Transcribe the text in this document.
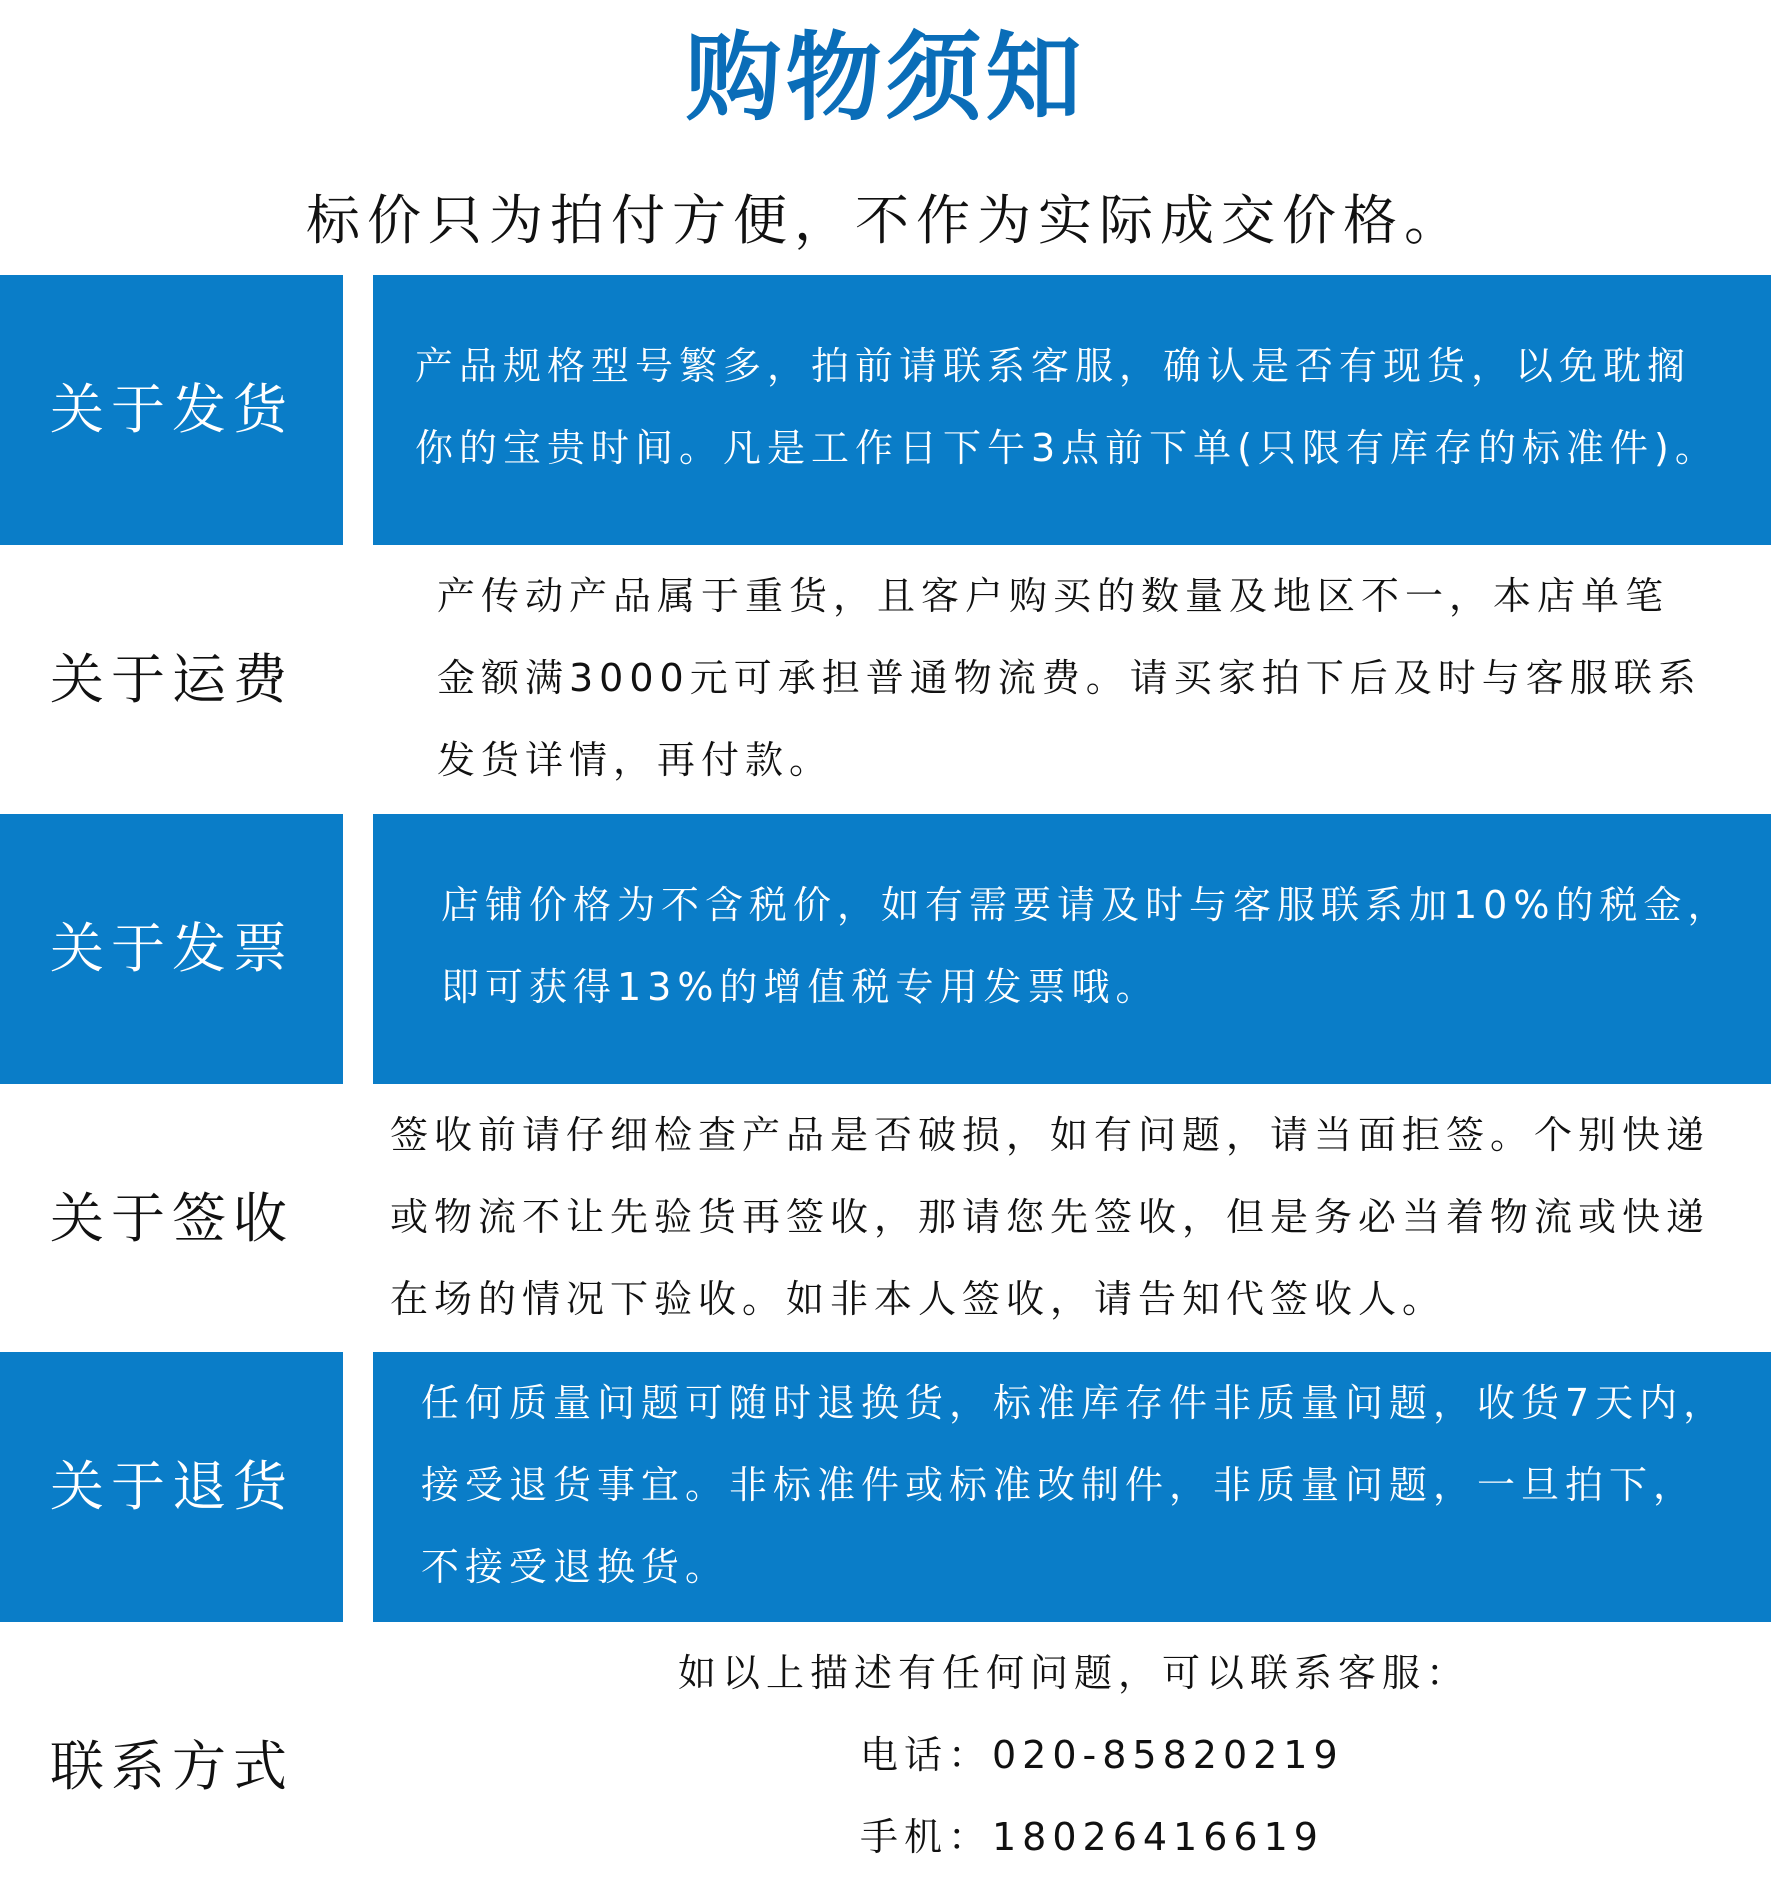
购物须知
标价只为拍付方便，不作为实际成交价格。
关于发货
产品规格型号繁多，拍前请联系客服，确认是否有现货，以免耽搁
你的宝贵时间。凡是工作日下午3点前下单(只限有库存的标准件)。
关于运费
产传动产品属于重货，且客户购买的数量及地区不一，本店单笔
金额满3000元可承担普通物流费。请买家拍下后及时与客服联系
发货详情，再付款。
关于发票
店铺价格为不含税价，如有需要请及时与客服联系加10%的税金，
即可获得13%的增值税专用发票哦。
关于签收
签收前请仔细检查产品是否破损，如有问题，请当面拒签。个别快递
或物流不让先验货再签收，那请您先签收，但是务必当着物流或快递
在场的情况下验收。如非本人签收，请告知代签收人。
关于退货
任何质量问题可随时退换货，标准库存件非质量问题，收货7天内，
接受退货事宜。非标准件或标准改制件，非质量问题，一旦拍下，
不接受退换货。
联系方式
如以上描述有任何问题，可以联系客服：
电话：020-85820219
手机：18026416619
